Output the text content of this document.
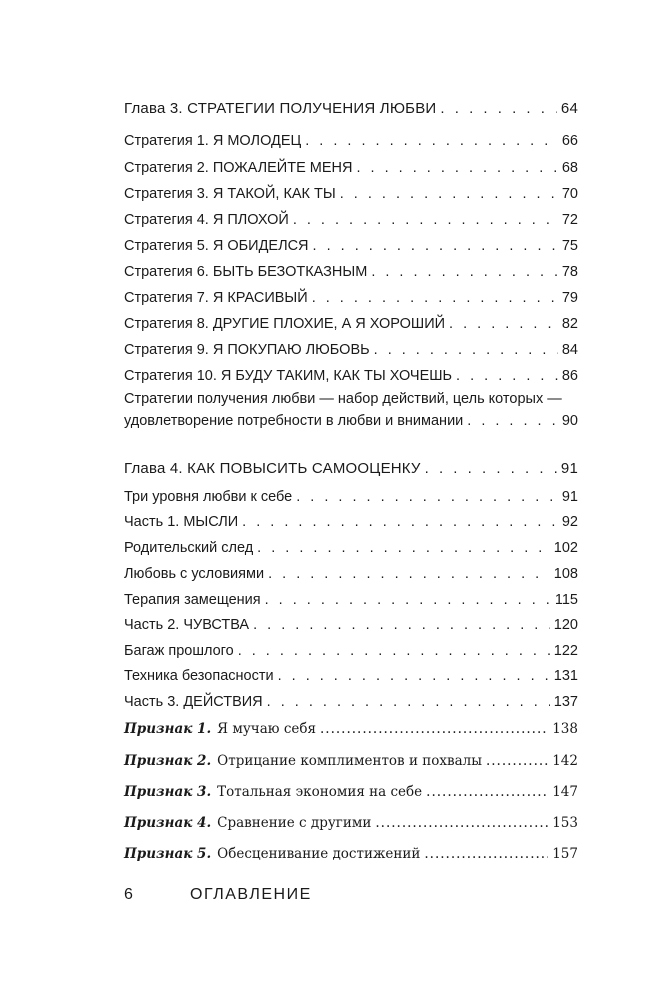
Глава 3. СТРАТЕГИИ ПОЛУЧЕНИЯ ЛЮБВИ . . .	64
Стратегия 1. Я МОЛОДЕЦ . . .	66
Стратегия 2. ПОЖАЛЕЙТЕ МЕНЯ . . .	68
Стратегия 3. Я ТАКОЙ, КАК ТЫ . . .	70
Стратегия 4. Я ПЛОХОЙ . . .	72
Стратегия 5. Я ОБИДЕЛСЯ . . .	75
Стратегия 6. БЫТЬ БЕЗОТКАЗНЫМ . . .	78
Стратегия 7. Я КРАСИВЫЙ . . .	79
Стратегия 8. ДРУГИЕ ПЛОХИЕ, А Я ХОРОШИЙ . . .	82
Стратегия 9. Я ПОКУПАЮ ЛЮБОВЬ . . .	84
Стратегия 10. Я БУДУ ТАКИМ, КАК ТЫ ХОЧЕШЬ . . .	86
Стратегии получения любви — набор действий, цель которых —
удовлетворение потребности в любви и внимании . . .	90
Глава 4. КАК ПОВЫСИТЬ САМООЦЕНКУ . . .	91
Три уровня любви к себе . . .	91
Часть 1. МЫСЛИ . . .	92
Родительский след . . .	102
Любовь с условиями . . .	108
Терапия замещения . . .	115
Часть 2. ЧУВСТВА . . .	120
Багаж прошлого . . .	122
Техника безопасности . . .	131
Часть 3. ДЕЙСТВИЯ . . .	137
Признак 1. Я мучаю себя .....	138
Признак 2. Отрицание комплиментов и похвалы .....	142
Признак 3. Тотальная экономия на себе .....	147
Признак 4. Сравнение с другими .....	153
Признак 5. Обесценивание достижений .....	157
6	ОГЛАВЛЕНИЕ
